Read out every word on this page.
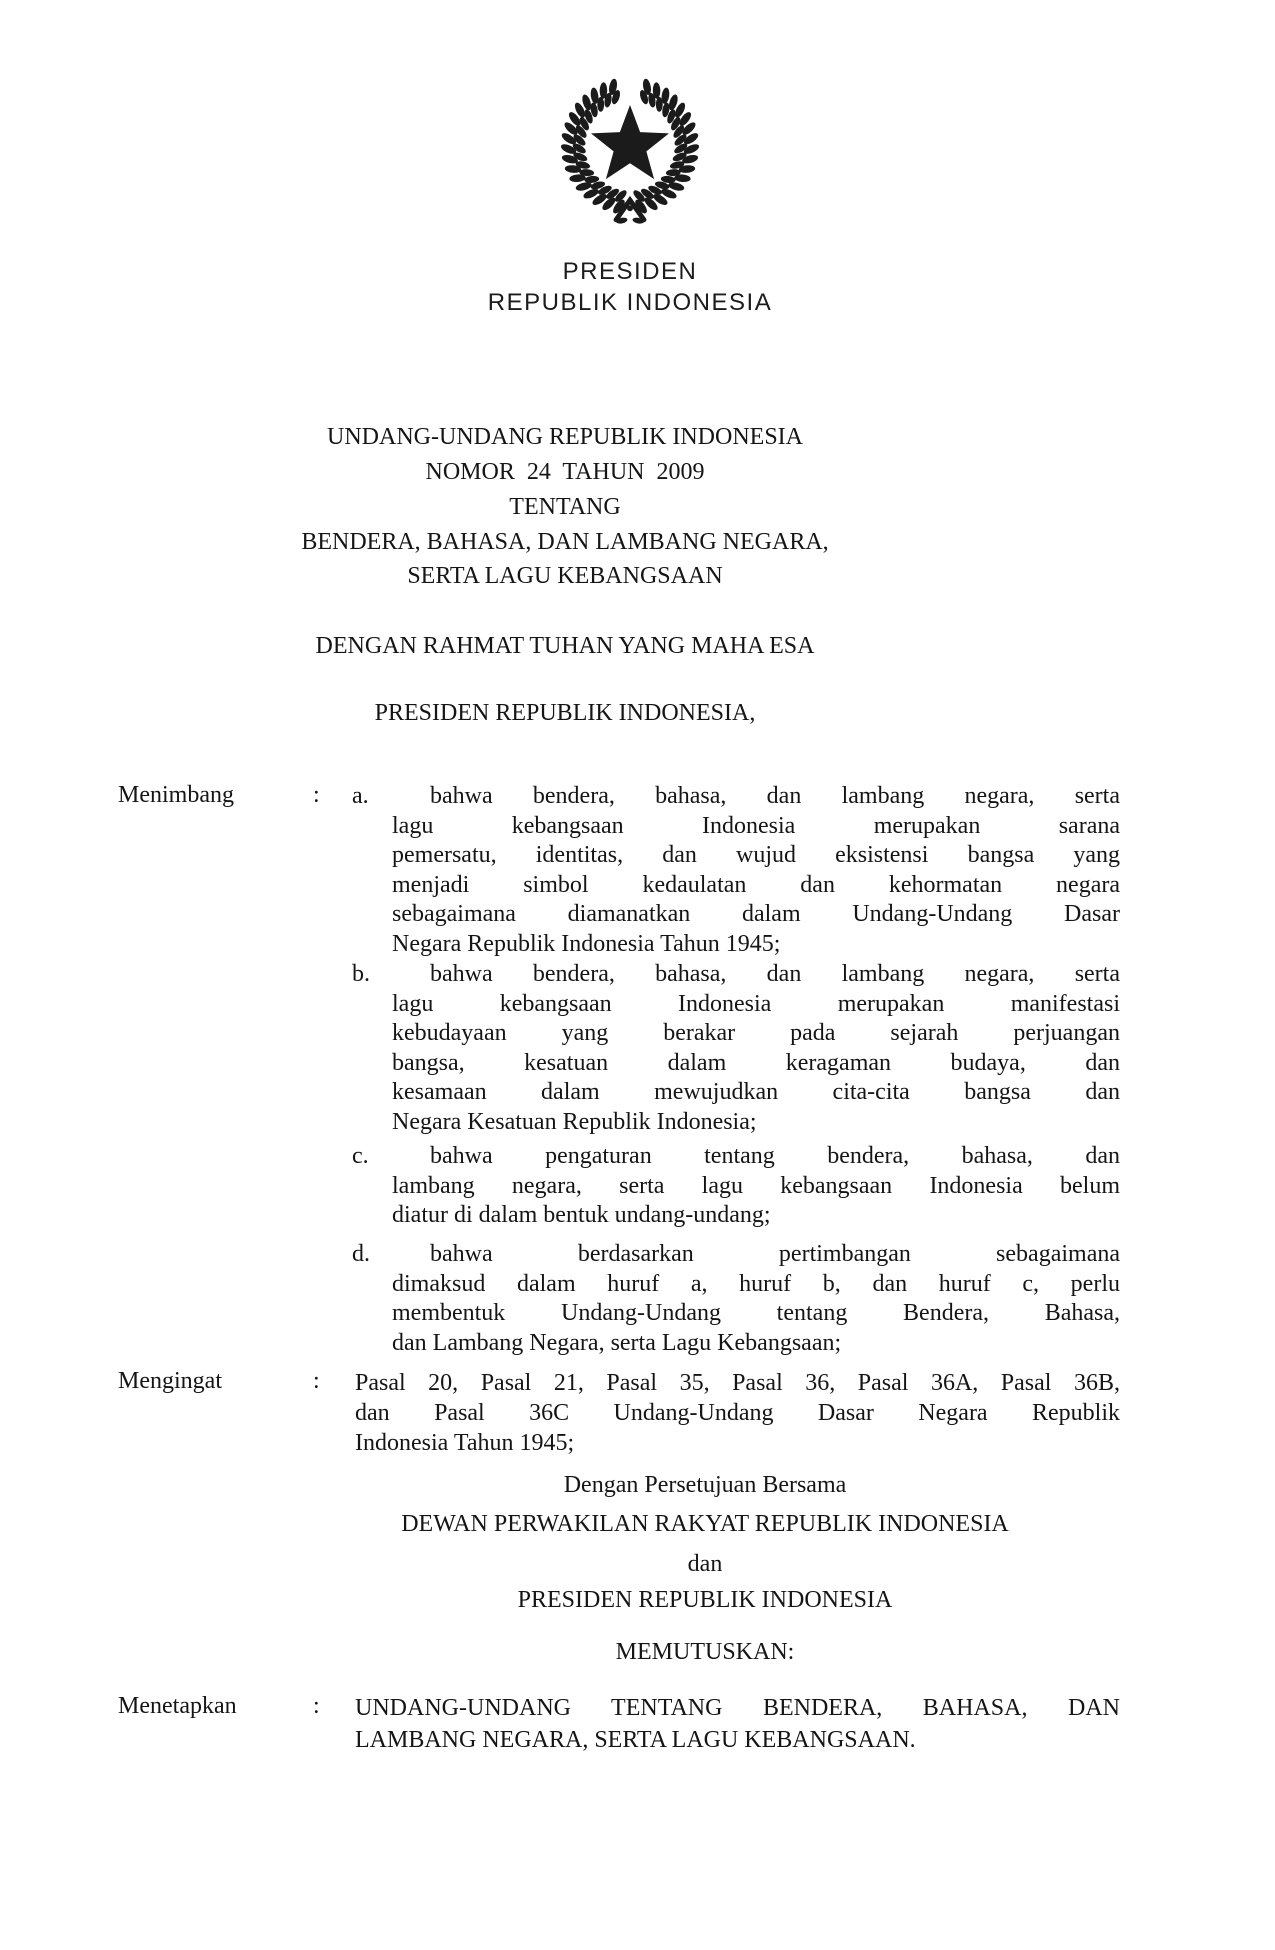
PRESIDEN
REPUBLIK INDONESIA
UNDANG-UNDANG REPUBLIK INDONESIA
NOMOR  24  TAHUN  2009
TENTANG
BENDERA, BAHASA, DAN LAMBANG NEGARA,
SERTA LAGU KEBANGSAAN
DENGAN RAHMAT TUHAN YANG MAHA ESA
PRESIDEN REPUBLIK INDONESIA,
Menimbang	: a.	bahwa bendera, bahasa, dan lambang negara, serta
lagu kebangsaan Indonesia merupakan sarana
pemersatu, identitas, dan wujud eksistensi bangsa yang
menjadi simbol kedaulatan dan kehormatan negara
sebagaimana diamanatkan dalam Undang-Undang Dasar
Negara Republik Indonesia Tahun 1945;
b.	bahwa bendera, bahasa, dan lambang negara, serta
lagu kebangsaan Indonesia merupakan manifestasi
kebudayaan yang berakar pada sejarah perjuangan
bangsa, kesatuan dalam keragaman budaya, dan
kesamaan dalam mewujudkan cita-cita bangsa dan
Negara Kesatuan Republik Indonesia;
c.	bahwa pengaturan tentang bendera, bahasa, dan
lambang negara, serta lagu kebangsaan Indonesia belum
diatur di dalam bentuk undang-undang;
d.	bahwa berdasarkan pertimbangan sebagaimana
dimaksud dalam huruf a, huruf b, dan huruf c, perlu
membentuk Undang-Undang tentang Bendera, Bahasa,
dan Lambang Negara, serta Lagu Kebangsaan;
Mengingat	: Pasal 20, Pasal 21, Pasal 35, Pasal 36, Pasal 36A, Pasal 36B,
dan Pasal 36C Undang-Undang Dasar Negara Republik
Indonesia Tahun 1945;
Dengan Persetujuan Bersama
DEWAN PERWAKILAN RAKYAT REPUBLIK INDONESIA
dan
PRESIDEN REPUBLIK INDONESIA
MEMUTUSKAN:
Menetapkan	: UNDANG-UNDANG TENTANG BENDERA, BAHASA, DAN
LAMBANG NEGARA, SERTA LAGU KEBANGSAAN.
